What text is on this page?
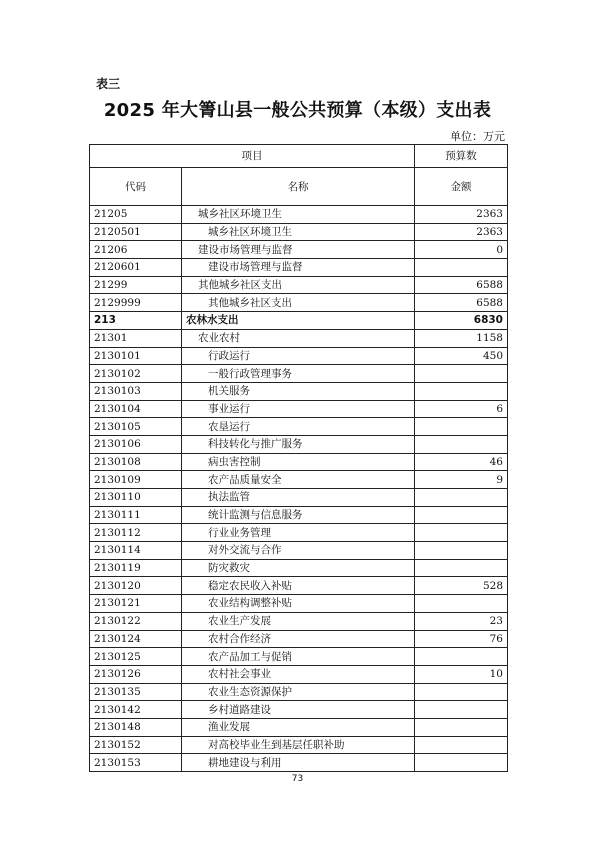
表三
2025 年大箐山县一般公共预算（本级）支出表
单位：万元
项目		预算数
代码	名称	金额
21205	城乡社区环境卫生	2363
2120501	城乡社区环境卫生	2363
21206	建设市场管理与监督	0
2120601	建设市场管理与监督	
21299	其他城乡社区支出	6588
2129999	其他城乡社区支出	6588
213	农林水支出	6830
21301	农业农村	1158
2130101	行政运行	450
2130102	一般行政管理事务	
2130103	机关服务	
2130104	事业运行	6
2130105	农垦运行	
2130106	科技转化与推广服务	
2130108	病虫害控制	46
2130109	农产品质量安全	9
2130110	执法监管	
2130111	统计监测与信息服务	
2130112	行业业务管理	
2130114	对外交流与合作	
2130119	防灾救灾	
2130120	稳定农民收入补贴	528
2130121	农业结构调整补贴	
2130122	农业生产发展	23
2130124	农村合作经济	76
2130125	农产品加工与促销	
2130126	农村社会事业	10
2130135	农业生态资源保护	
2130142	乡村道路建设	
2130148	渔业发展	
2130152	对高校毕业生到基层任职补助	
2130153	耕地建设与利用	
73
